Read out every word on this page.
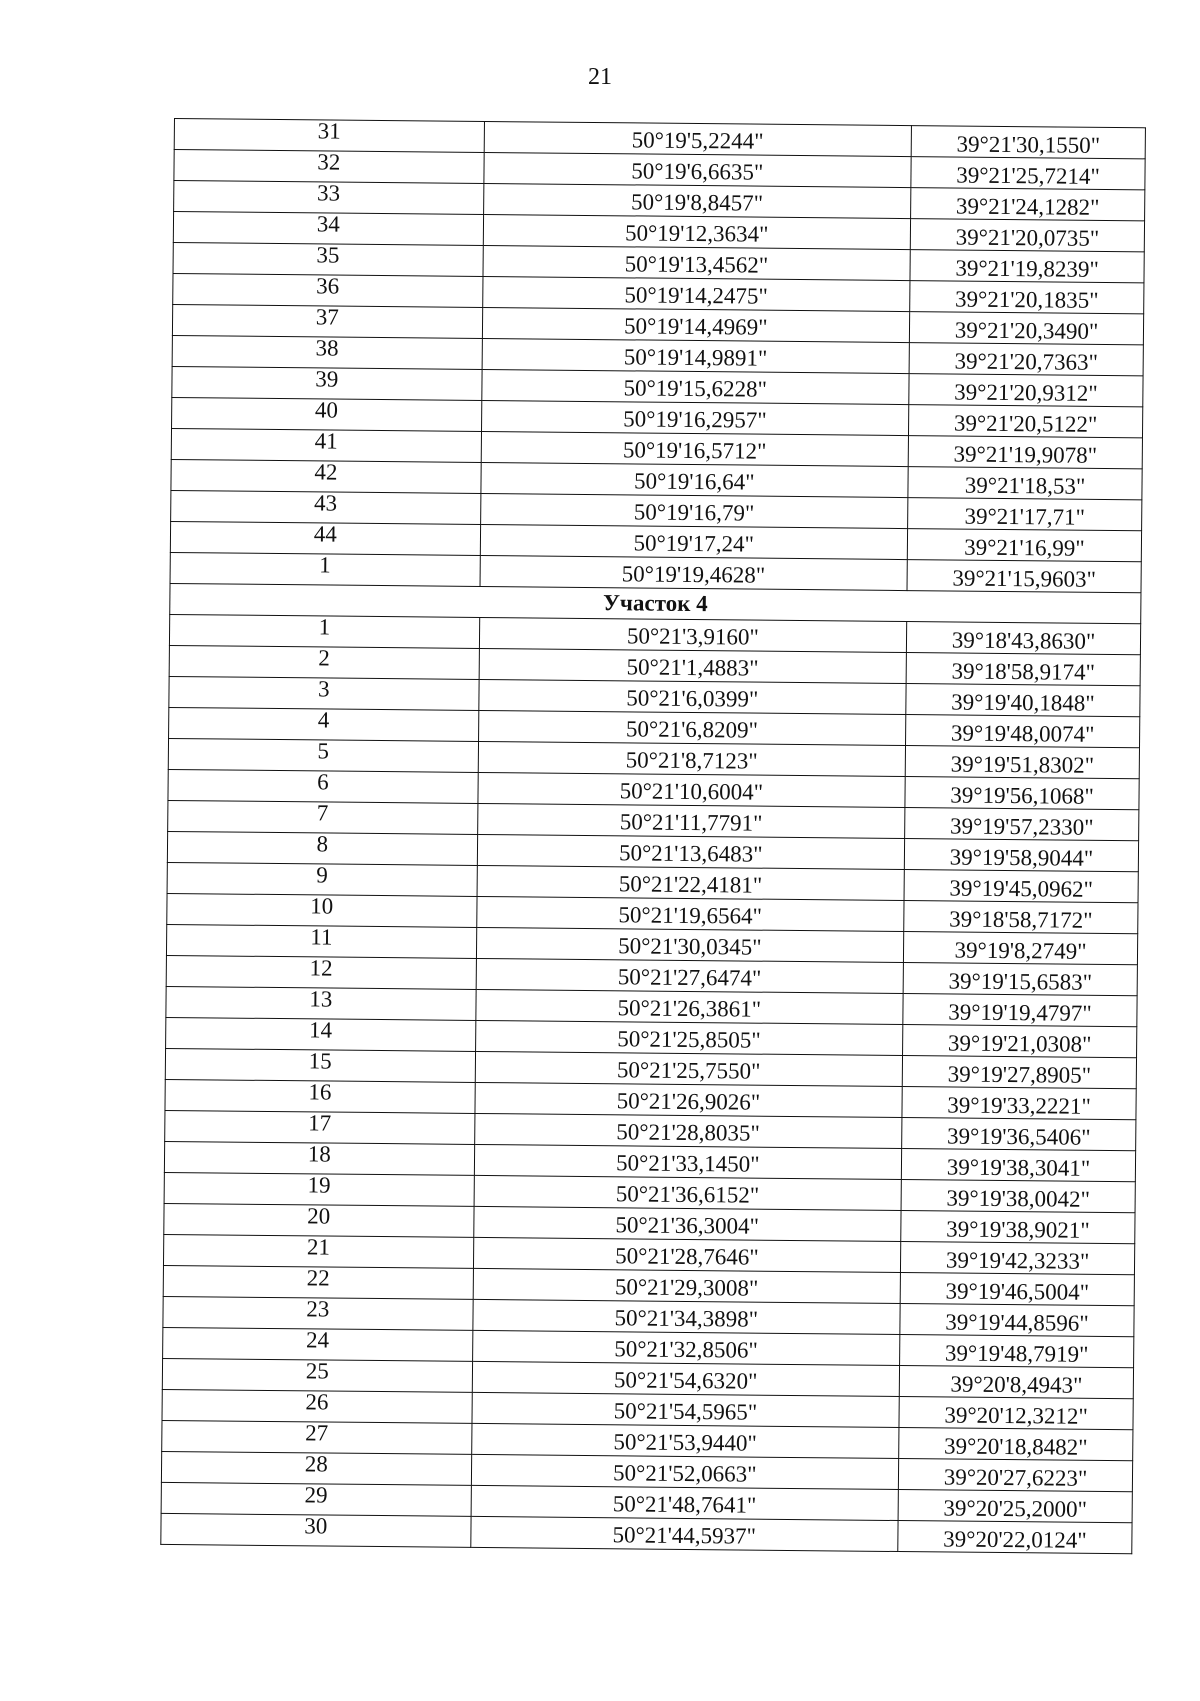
21
31	50°19'5,2244"	39°21'30,1550"
32	50°19'6,6635"	39°21'25,7214"
33	50°19'8,8457"	39°21'24,1282"
34	50°19'12,3634"	39°21'20,0735"
35	50°19'13,4562"	39°21'19,8239"
36	50°19'14,2475"	39°21'20,1835"
37	50°19'14,4969"	39°21'20,3490"
38	50°19'14,9891"	39°21'20,7363"
39	50°19'15,6228"	39°21'20,9312"
40	50°19'16,2957"	39°21'20,5122"
41	50°19'16,5712"	39°21'19,9078"
42	50°19'16,64"	39°21'18,53"
43	50°19'16,79"	39°21'17,71"
44	50°19'17,24"	39°21'16,99"
1	50°19'19,4628"	39°21'15,9603"
Участок 4		
1	50°21'3,9160"	39°18'43,8630"
2	50°21'1,4883"	39°18'58,9174"
3	50°21'6,0399"	39°19'40,1848"
4	50°21'6,8209"	39°19'48,0074"
5	50°21'8,7123"	39°19'51,8302"
6	50°21'10,6004"	39°19'56,1068"
7	50°21'11,7791"	39°19'57,2330"
8	50°21'13,6483"	39°19'58,9044"
9	50°21'22,4181"	39°19'45,0962"
10	50°21'19,6564"	39°18'58,7172"
11	50°21'30,0345"	39°19'8,2749"
12	50°21'27,6474"	39°19'15,6583"
13	50°21'26,3861"	39°19'19,4797"
14	50°21'25,8505"	39°19'21,0308"
15	50°21'25,7550"	39°19'27,8905"
16	50°21'26,9026"	39°19'33,2221"
17	50°21'28,8035"	39°19'36,5406"
18	50°21'33,1450"	39°19'38,3041"
19	50°21'36,6152"	39°19'38,0042"
20	50°21'36,3004"	39°19'38,9021"
21	50°21'28,7646"	39°19'42,3233"
22	50°21'29,3008"	39°19'46,5004"
23	50°21'34,3898"	39°19'44,8596"
24	50°21'32,8506"	39°19'48,7919"
25	50°21'54,6320"	39°20'8,4943"
26	50°21'54,5965"	39°20'12,3212"
27	50°21'53,9440"	39°20'18,8482"
28	50°21'52,0663"	39°20'27,6223"
29	50°21'48,7641"	39°20'25,2000"
30	50°21'44,5937"	39°20'22,0124"
